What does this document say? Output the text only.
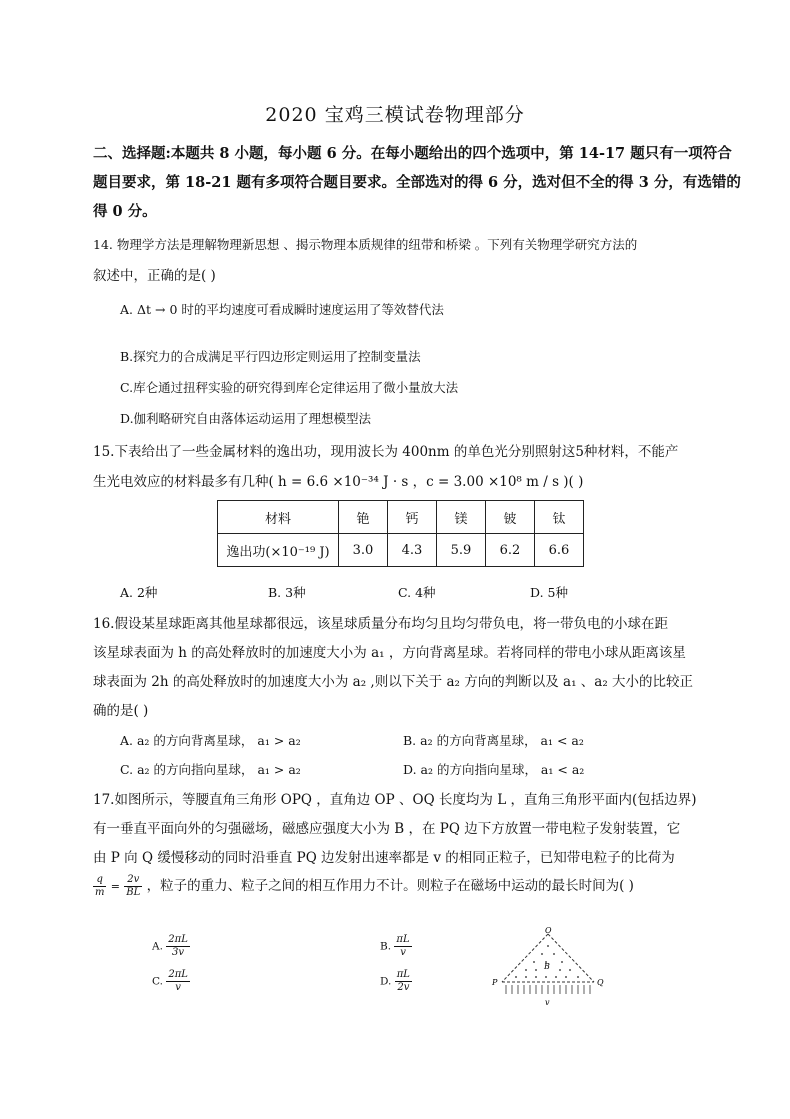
2020 宝鸡三模试卷物理部分
二、选择题:本题共 8 小题，每小题 6 分。在每小题给出的四个选项中，第 14-17 题只有一项符合
题目要求，第 18-21 题有多项符合题目要求。全部选对的得 6 分，选对但不全的得 3 分，有选错的
得 0 分。
14. 物理学方法是理解物理新思想 、揭示物理本质规律的纽带和桥梁 。下列有关物理学研究方法的
叙述中，正确的是( )
A. Δt → 0 时的平均速度可看成瞬时速度运用了等效替代法
B.探究力的合成满足平行四边形定则运用了控制变量法
C.库仑通过扭秤实验的研究得到库仑定律运用了微小量放大法
D.伽利略研究自由落体运动运用了理想模型法
15.下表给出了一些金属材料的逸出功，现用波长为 400nm 的单色光分别照射这5种材料，不能产
生光电效应的材料最多有几种( h = 6.6 ×10⁻³⁴ J · s ，c = 3.00 ×10⁸ m / s )( )
材料	铯	钙	镁	铍	钛
逸出功(×10⁻¹⁹ J)	3.0	4.3	5.9	6.2	6.6
A. 2种	B. 3种	C. 4种	D. 5种
16.假设某星球距离其他星球都很远，该星球质量分布均匀且均匀带负电，将一带负电的小球在距
该星球表面为 h 的高处释放时的加速度大小为 a₁ ，方向背离星球。若将同样的带电小球从距离该星
球表面为 2h 的高处释放时的加速度大小为 a₂ ,则以下关于 a₂ 方向的判断以及 a₁ 、a₂ 大小的比较正
确的是( )
A. a₂ 的方向背离星球， a₁ > a₂	B. a₂ 的方向背离星球， a₁ < a₂
C. a₂ 的方向指向星球， a₁ > a₂	D. a₂ 的方向指向星球， a₁ < a₂
17.如图所示，等腰直角三角形 OPQ ，直角边 OP 、OQ 长度均为 L ，直角三角形平面内(包括边界)
有一垂直平面向外的匀强磁场，磁感应强度大小为 B ，在 PQ 边下方放置一带电粒子发射装置，它
由 P 向 Q 缓慢移动的同时沿垂直 PQ 边发射出速率都是 v 的相同正粒子，已知带电粒子的比荷为
$\frac{q}{m} = \frac{2v}{BL}$ ，粒子的重力、粒子之间的相互作用力不计。则粒子在磁场中运动的最长时间为( )
A. $\frac{2\pi L}{3v}$	B. $\frac{\pi L}{v}$
C. $\frac{2\pi L}{v}$	D. $\frac{\pi L}{2v}$
O
P	Q
B
v
